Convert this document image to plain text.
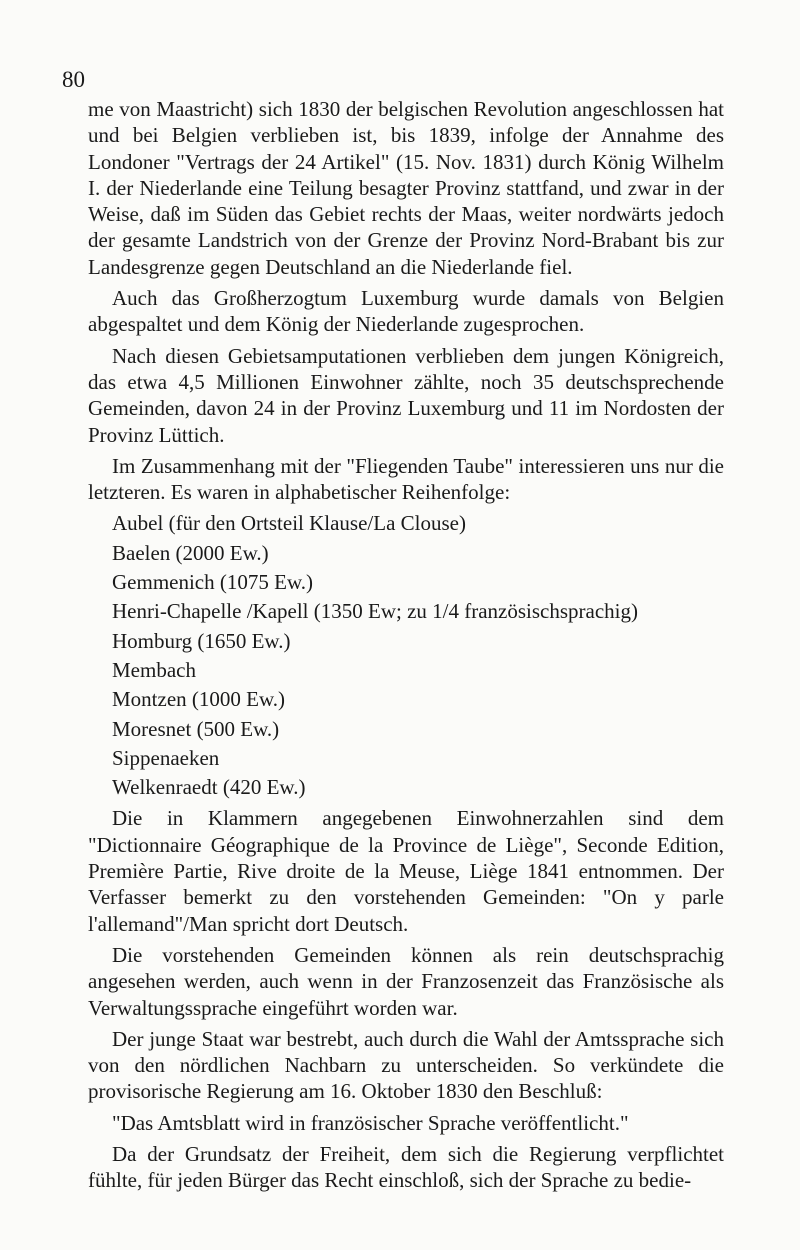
80

me von Maastricht) sich 1830 der belgischen Revolution angeschlossen hat und bei Belgien verblieben ist, bis 1839, infolge der Annahme des Londoner "Vertrags der 24 Artikel" (15. Nov. 1831) durch König Wilhelm I. der Niederlande eine Teilung besagter Provinz stattfand, und zwar in der Weise, daß im Süden das Gebiet rechts der Maas, weiter nordwärts jedoch der gesamte Landstrich von der Grenze der Provinz Nord-Brabant bis zur Landesgrenze gegen Deutschland an die Niederlande fiel.

Auch das Großherzogtum Luxemburg wurde damals von Belgien abgespaltet und dem König der Niederlande zugesprochen.

Nach diesen Gebietsamputationen verblieben dem jungen Königreich, das etwa 4,5 Millionen Einwohner zählte, noch 35 deutschsprechende Gemeinden, davon 24 in der Provinz Luxemburg und 11 im Nordosten der Provinz Lüttich.

Im Zusammenhang mit der "Fliegenden Taube" interessieren uns nur die letzteren. Es waren in alphabetischer Reihenfolge:

Aubel (für den Ortsteil Klause/La Clouse)
Baelen (2000 Ew.)
Gemmenich (1075 Ew.)
Henri-Chapelle /Kapell (1350 Ew; zu 1/4 französischsprachig)
Homburg (1650 Ew.)
Membach
Montzen (1000 Ew.)
Moresnet (500 Ew.)
Sippenaeken
Welkenraedt (420 Ew.)

Die in Klammern angegebenen Einwohnerzahlen sind dem "Dictionnaire Géographique de la Province de Liège", Seconde Edition, Première Partie, Rive droite de la Meuse, Liège 1841 entnommen. Der Verfasser bemerkt zu den vorstehenden Gemeinden: "On y parle l'allemand"/Man spricht dort Deutsch.

Die vorstehenden Gemeinden können als rein deutschsprachig angesehen werden, auch wenn in der Franzosenzeit das Französische als Verwaltungssprache eingeführt worden war.

Der junge Staat war bestrebt, auch durch die Wahl der Amtssprache sich von den nördlichen Nachbarn zu unterscheiden. So verkündete die provisorische Regierung am 16. Oktober 1830 den Beschluß:

"Das Amtsblatt wird in französischer Sprache veröffentlicht."

Da der Grundsatz der Freiheit, dem sich die Regierung verpflichtet fühlte, für jeden Bürger das Recht einschloß, sich der Sprache zu bedie-
